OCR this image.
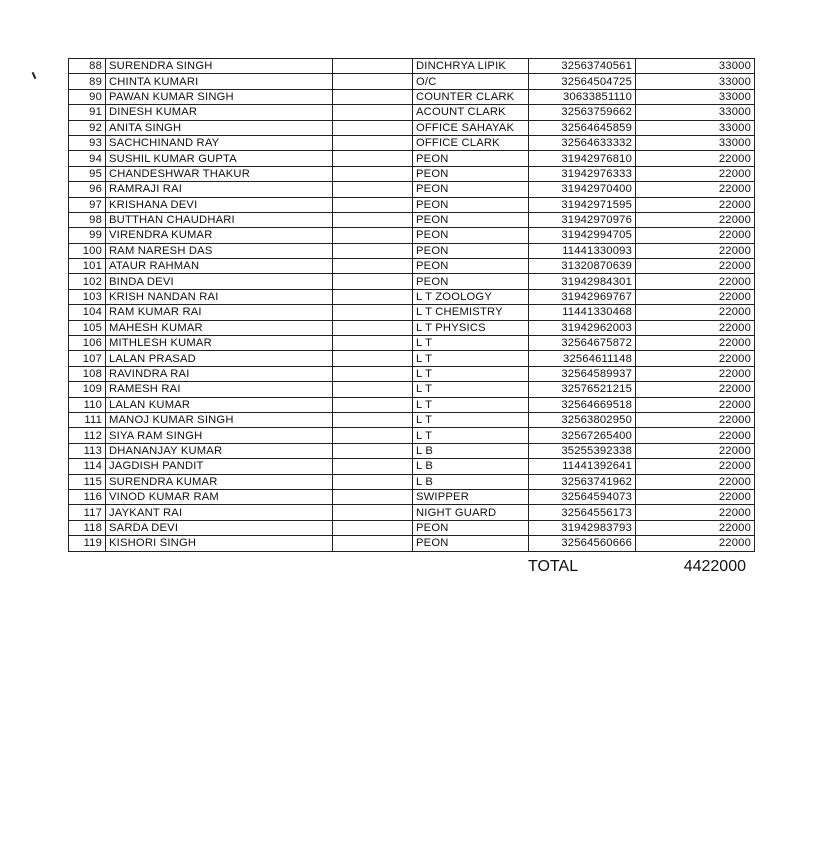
88	SURENDRA SINGH		DINCHRYA LIPIK	32563740561	33000
89	CHINTA KUMARI		O/C	32564504725	33000
90	PAWAN KUMAR SINGH		COUNTER CLARK	30633851110	33000
91	DINESH KUMAR		ACOUNT CLARK	32563759662	33000
92	ANITA SINGH		OFFICE SAHAYAK	32564645859	33000
93	SACHCHINAND RAY		OFFICE CLARK	32564633332	33000
94	SUSHIL KUMAR GUPTA		PEON	31942976810	22000
95	CHANDESHWAR THAKUR		PEON	31942976333	22000
96	RAMRAJI RAI		PEON	31942970400	22000
97	KRISHANA DEVI		PEON	31942971595	22000
98	BUTTHAN CHAUDHARI		PEON	31942970976	22000
99	VIRENDRA KUMAR		PEON	31942994705	22000
100	RAM NARESH DAS		PEON	11441330093	22000
101	ATAUR RAHMAN		PEON	31320870639	22000
102	BINDA DEVI		PEON	31942984301	22000
103	KRISH NANDAN RAI		L T ZOOLOGY	31942969767	22000
104	RAM KUMAR RAI		L T CHEMISTRY	11441330468	22000
105	MAHESH KUMAR		L T PHYSICS	31942962003	22000
106	MITHLESH KUMAR		L T	32564675872	22000
107	LALAN PRASAD		L T	32564611148	22000
108	RAVINDRA RAI		L T	32564589937	22000
109	RAMESH RAI		L T	32576521215	22000
110	LALAN KUMAR		L T	32564669518	22000
111	MANOJ KUMAR SINGH		L T	32563802950	22000
112	SIYA RAM SINGH		L T	32567265400	22000
113	DHANANJAY KUMAR		L B	35255392338	22000
114	JAGDISH PANDIT		L B	11441392641	22000
115	SURENDRA KUMAR		L B	32563741962	22000
116	VINOD KUMAR RAM		SWIPPER	32564594073	22000
117	JAYKANT RAI		NIGHT GUARD	32564556173	22000
118	SARDA DEVI		PEON	31942983793	22000
119	KISHORI SINGH		PEON	32564560666	22000
TOTAL	4422000
